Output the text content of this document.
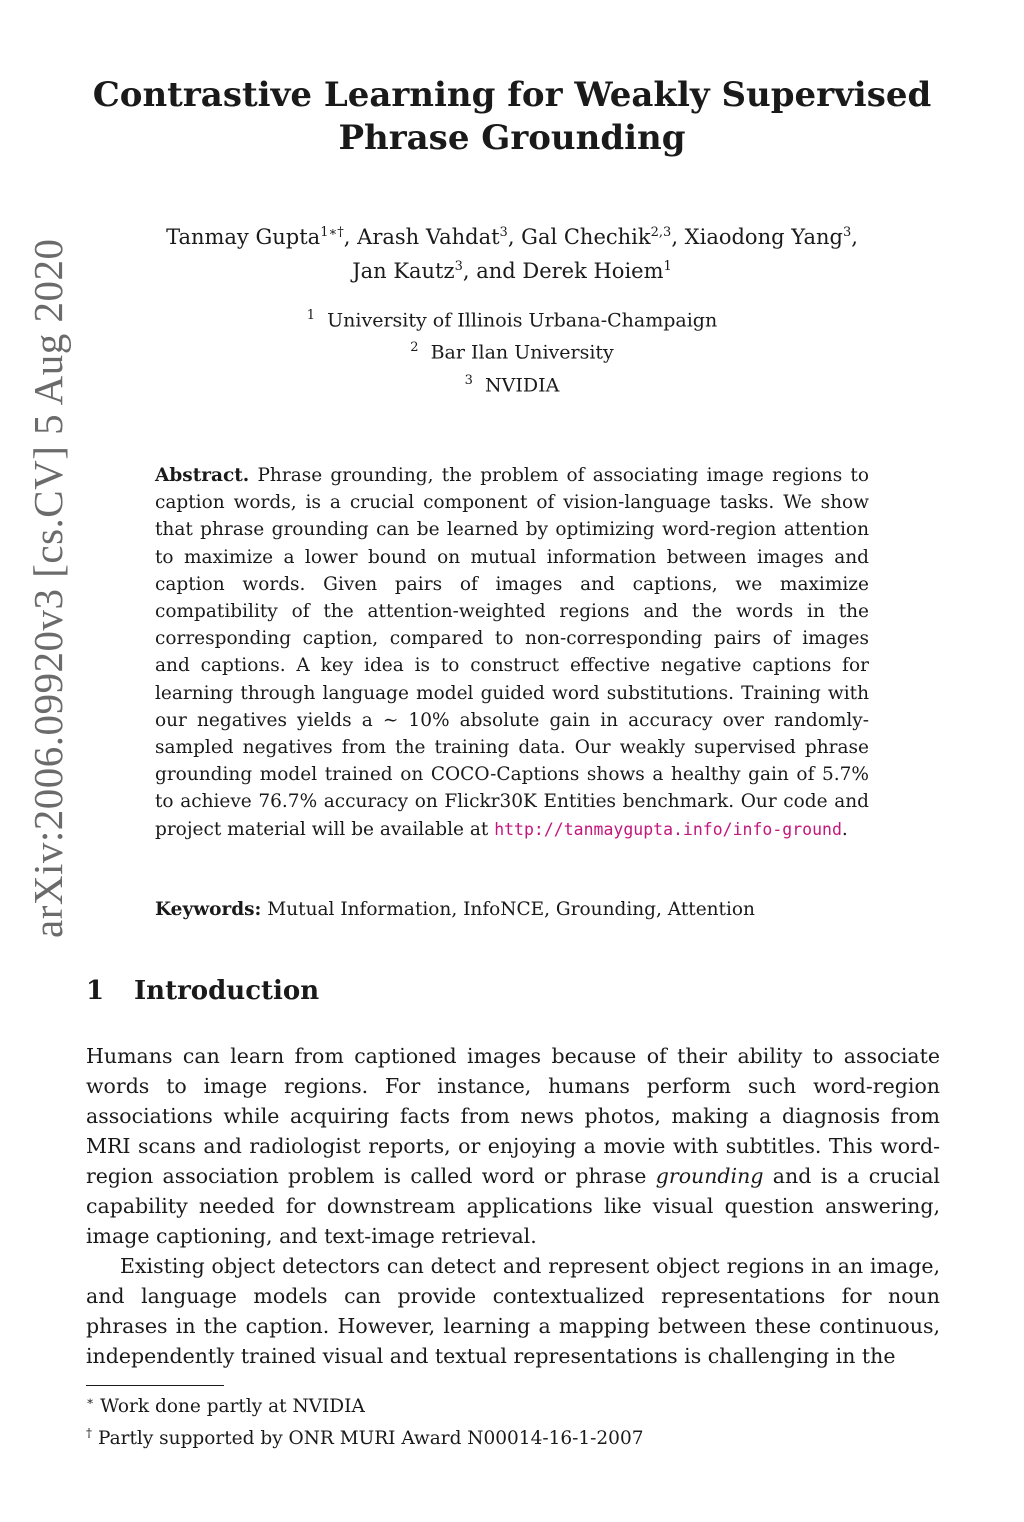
arXiv:2006.09920v3 [cs.CV] 5 Aug 2020
Contrastive Learning for Weakly Supervised
Phrase Grounding
Tanmay Gupta$^{1∗\dagger}$, Arash Vahdat$^3$, Gal Chechik$^{2,3}$, Xiaodong Yang$^3$,
Jan Kautz$^3$, and Derek Hoiem$^1$
$^1$ University of Illinois Urbana-Champaign
$^2$ Bar Ilan University
$^3$ NVIDIA
Abstract. Phrase grounding, the problem of associating image regions to caption words, is a crucial component of vision-language tasks. We show that phrase grounding can be learned by optimizing word-region attention to maximize a lower bound on mutual information between images and caption words. Given pairs of images and captions, we maximize compatibility of the attention-weighted regions and the words in the corresponding caption, compared to non-corresponding pairs of images and captions. A key idea is to construct effective negative captions for learning through language model guided word substitutions. Training with our negatives yields a ∼ 10% absolute gain in accuracy over randomly-sampled negatives from the training data. Our weakly supervised phrase grounding model trained on COCO-Captions shows a healthy gain of 5.7% to achieve 76.7% accuracy on Flickr30K Entities benchmark. Our code and project material will be available at http://tanmaygupta.info/info-ground.
Keywords: Mutual Information, InfoNCE, Grounding, Attention
1 Introduction

Humans can learn from captioned images because of their ability to associate words to image regions. For instance, humans perform such word-region associations while acquiring facts from news photos, making a diagnosis from MRI scans and radiologist reports, or enjoying a movie with subtitles. This word-region association problem is called word or phrase grounding and is a crucial capability needed for downstream applications like visual question answering, image captioning, and text-image retrieval.

Existing object detectors can detect and represent object regions in an image, and language models can provide contextualized representations for noun phrases in the caption. However, learning a mapping between these continuous, independently trained visual and textual representations is challenging in the

∗ Work done partly at NVIDIA
† Partly supported by ONR MURI Award N00014-16-1-2007
